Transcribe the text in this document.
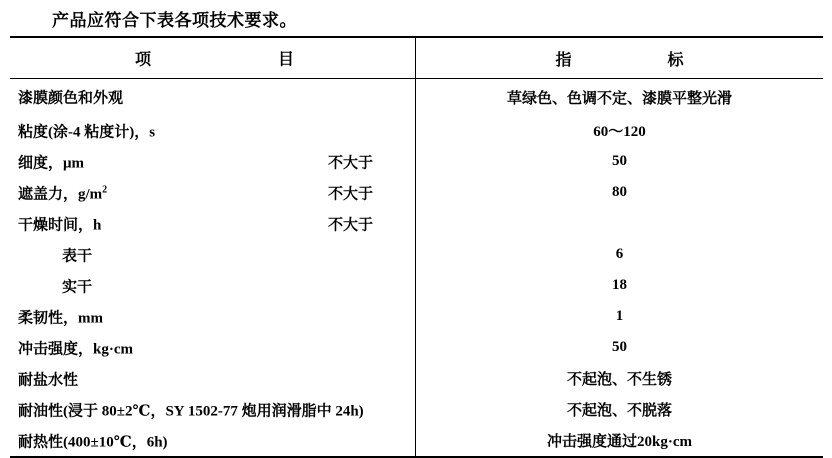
产品应符合下表各项技术要求。
项 目	指 标

漆膜颜色和外观	草绿色、色调不定、漆膜平整光滑

粘度(涂-4 粘度计)，s	60～120

细度，μm 不大于	50

遮盖力，$g/m^2$ 不大于	80

干燥时间，h 不大于	

表干	6

实干	18

柔韧性，mm	1

冲击强度，kg·cm	50

耐盐水性	不起泡、不生锈

耐油性(浸于 80±2℃，SY 1502-77 炮用润滑脂中 24h)	不起泡、不脱落

耐热性(400±10℃，6h)	冲击强度通过20kg·cm
